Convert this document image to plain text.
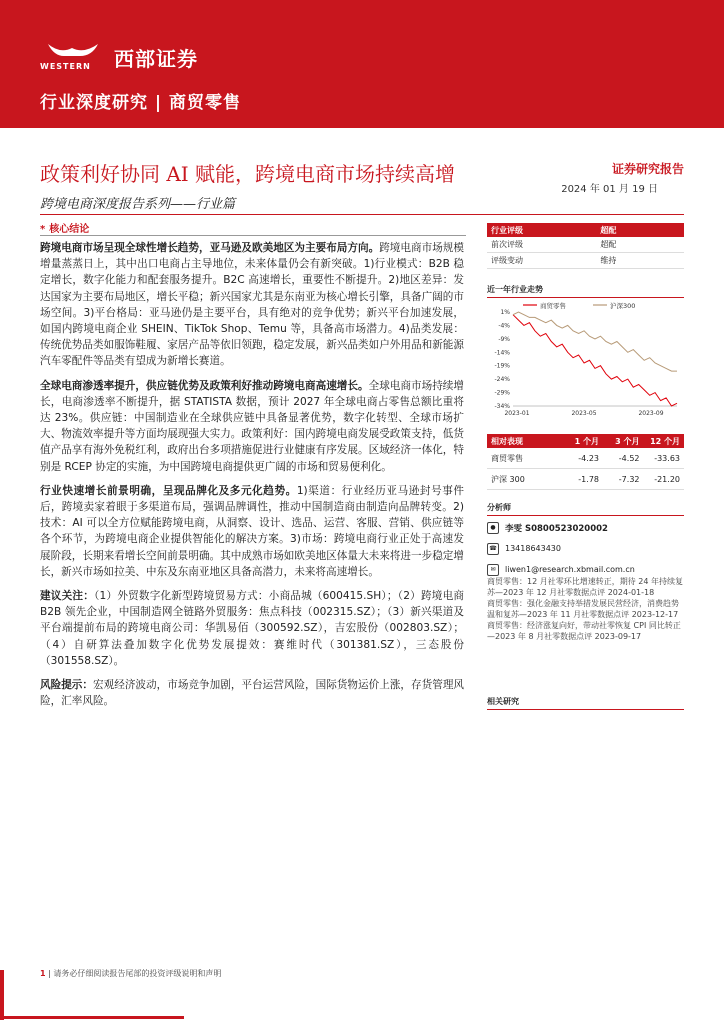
WESTERN 西部证券
行业深度研究 | 商贸零售
政策利好协同 AI 赋能，跨境电商市场持续高增	证券研究报告
2024 年 01 月 19 日
跨境电商深度报告系列——行业篇
* 核心结论

跨境电商市场呈现全球性增长趋势，亚马逊及欧美地区为主要布局方向。跨境电商市场规模增量蒸蒸日上，其中出口电商占主导地位，未来体量仍会有新突破。1)行业模式：B2B 稳定增长，数字化能力和配套服务提升。B2C 高速增长，重要性不断提升。2)地区差异：发达国家为主要布局地区，增长平稳；新兴国家尤其是东南亚为核心增长引擎，具备广阔的市场空间。3)平台格局：亚马逊仍是主要平台，具有绝对的竞争优势；新兴平台加速发展，如国内跨境电商企业 SHEIN、TikTok Shop、Temu 等，具备高市场潜力。4)品类发展：传统优势品类如服饰鞋履、家居产品等依旧领跑，稳定发展，新兴品类如户外用品和新能源汽车零配件等品类有望成为新增长赛道。

全球电商渗透率提升，供应链优势及政策利好推动跨境电商高速增长。全球电商市场持续增长，电商渗透率不断提升，据 STATISTA 数据，预计 2027 年全球电商占零售总额比重将达 23%。供应链：中国制造业在全球供应链中具备显著优势，数字化转型、全球市场扩大、物流效率提升等方面均展现强大实力。政策利好：国内跨境电商发展受政策支持，低货值产品享有海外免税红利，政府出台多项措施促进行业健康有序发展。区域经济一体化，特别是 RCEP 协定的实施，为中国跨境电商提供更广阔的市场和贸易便利化。

行业快速增长前景明确，呈现品牌化及多元化趋势。1)渠道：行业经历亚马逊封号事件后，跨境卖家着眼于多渠道布局，强调品牌调性，推动中国制造商由制造向品牌转变。2)技术：AI 可以全方位赋能跨境电商，从洞察、设计、选品、运营、客服、营销、供应链等各个环节，为跨境电商企业提供智能化的解决方案。3)市场：跨境电商行业正处于高速发展阶段，长期来看增长空间前景明确。其中成熟市场如欧美地区体量大未来将进一步稳定增长，新兴市场如拉美、中东及东南亚地区具备高潜力，未来将高速增长。

建议关注：（1）外贸数字化新型跨境贸易方式：小商品城（600415.SH）；（2）跨境电商 B2B 领先企业，中国制造网全链路外贸服务：焦点科技（002315.SZ）；（3）新兴渠道及平台端提前布局的跨境电商公司：华凯易佰（300592.SZ），吉宏股份（002803.SZ）；（4）自研算法叠加数字化优势发展提效：赛维时代（301381.SZ），三态股份（301558.SZ）。

风险提示：宏观经济波动，市场竞争加剧，平台运营风险，国际货物运价上涨，存货管理风险，汇率风险。

行业评级	超配
前次评级	超配
评级变动	维持
近一年行业走势
商贸零售	沪深300
1%
-4%
-9%
-14%
-19%
-24%
-29%
-34%
2023-01	2023-05	2023-09
相对表现	1 个月	3 个月	12 个月
商贸零售	-4.23	-4.52	-33.63
沪深 300	-1.78	-7.32	-21.20
分析师
●	李雯 S0800523020002
☎ 13418643430
✉	liwen1@research.xbmail.com.cn
商贸零售：12 月社零环比增速转正，期待 24 年持续复苏—2023 年 12 月社零数据点评 2024-01-18
商贸零售：强化金融支持举措发展民营经济，消费趋势温和复苏—2023 年 11 月社零数据点评 2023-12-17
商贸零售：经济涨复向好，带动社零恢复 CPI 同比转正—2023 年 8 月社零数据点评 2023-09-17
相关研究
1 | 请务必仔细阅读报告尾部的投资评级说明和声明
